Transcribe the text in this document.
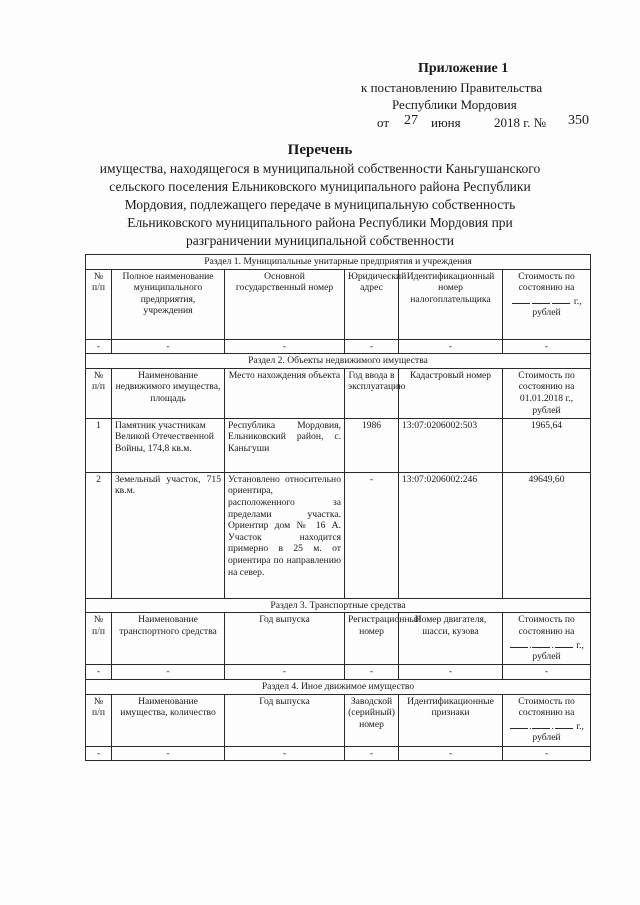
Приложение 1
к постановлению Правительства
Республики Мордовия
от 27 июня	2018 г. № 350
Перечень
имущества, находящегося в муниципальной собственности Каньгушанского
сельского поселения Ельниковского муниципального района Республики
Мордовия, подлежащего передаче в муниципальную собственность
Ельниковского муниципального района Республики Мордовия при
разграничении муниципальной собственности
Раздел 1. Муниципальные унитарные предприятия и учреждения					
№ п/п	Полное наименование муниципального предприятия, учреждения	Основной государственный номер	Юридический адрес	Идентификационный номер налогоплательщика	Стоимость по состоянию на
г., рублей
-	-	-	-	-	-
Раздел 2. Объекты недвижимого имущества					
№ п/п	Наименование недвижимого имущества, площадь	Место нахождения объекта	Год ввода в эксплуатацию	Кадастровый номер	Стоимость по состоянию на 01.01.2018 г., рублей
1	Памятник участникам Великой Отечественной Войны, 174,8 кв.м.	Республика Мордовия, Ельниковский район, с. Каньгуши	1986	13:07:0206002:503	1965,64
2	Земельный участок, 715 кв.м.	Установлено относительно ориентира, расположенного за пределами участка. Ориентир дом № 16 А. Участок находится примерно в 25 м. от ориентира по направлению на север.	-	13:07:0206002:246	49649,60
Раздел 3. Транспортные средства					
№ п/п	Наименование транспортного средства	Год выпуска	Регистрационный номер	Номер двигателя, шасси, кузова	Стоимость по состоянию на
. . г., рублей
-	-	-	-	-	-
Раздел 4. Иное движимое имущество					
№ п/п	Наименование имущества, количество	Год выпуска	Заводской (серийный) номер	Идентификационные признаки	Стоимость по состоянию на
. . г., рублей
-	-	-	-	-	-
